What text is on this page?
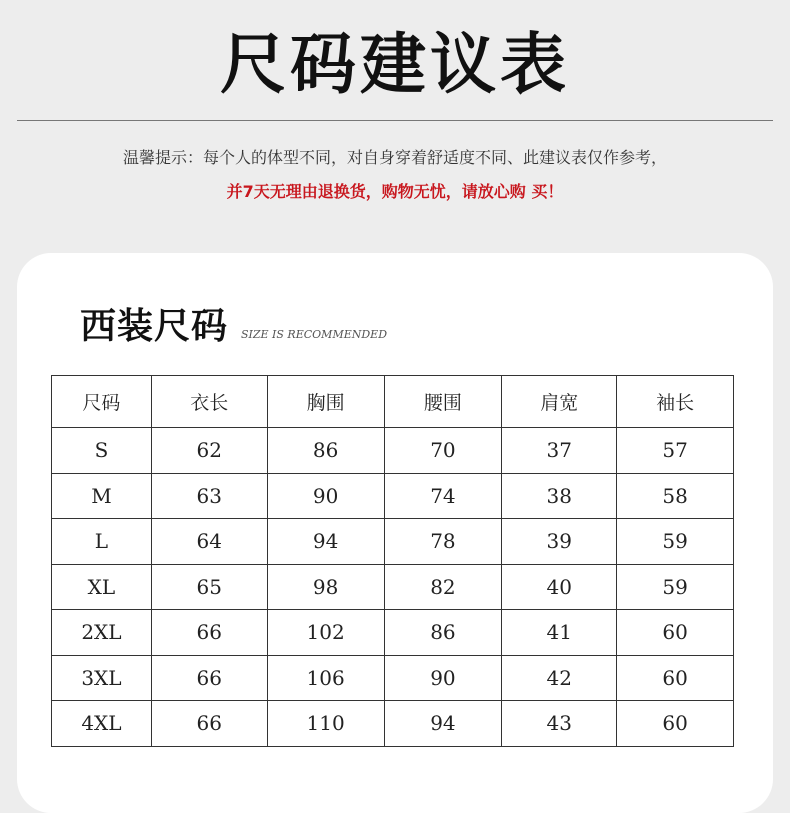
尺码建议表
温馨提示：每个人的体型不同，对自身穿着舒适度不同、此建议表仅作参考，
并7天无理由退换货，购物无忧，请放心购 买！
西装尺码 SIZE IS RECOMMENDED
尺码	衣长	胸围	腰围	肩宽	袖长
S	62	86	70	37	57
M	63	90	74	38	58
L	64	94	78	39	59
XL	65	98	82	40	59
2XL	66	102	86	41	60
3XL	66	106	90	42	60
4XL	66	110	94	43	60
